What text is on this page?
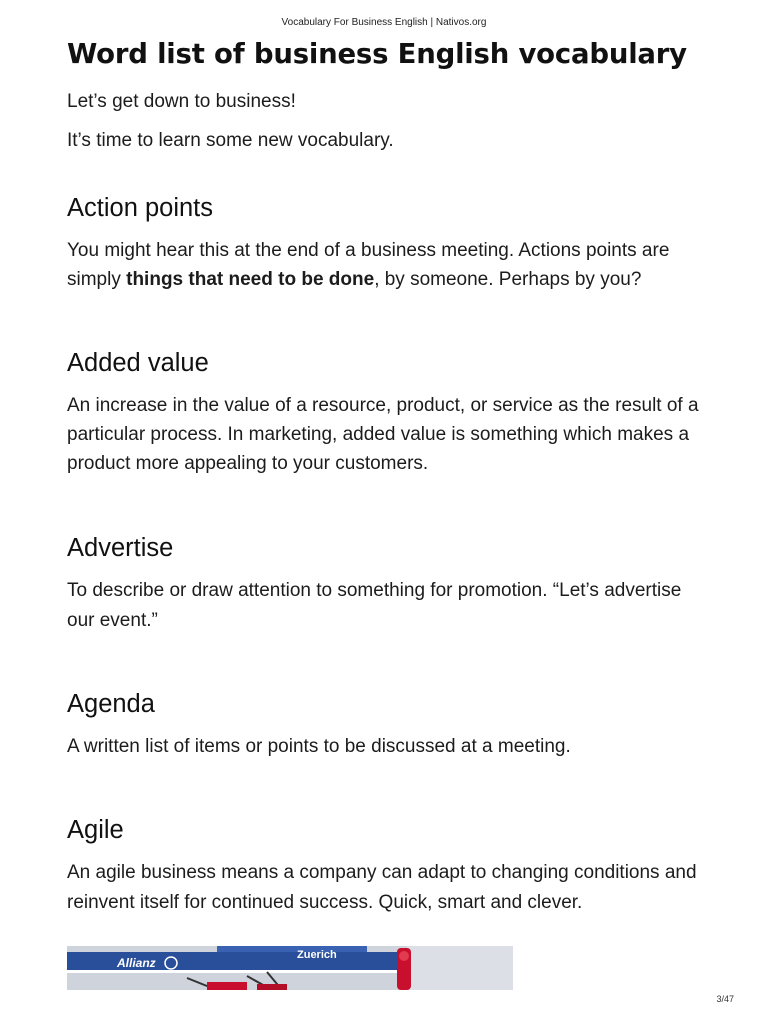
Vocabulary For Business English | Nativos.org
Word list of business English vocabulary

Let’s get down to business!

It’s time to learn some new vocabulary.

Action points

You might hear this at the end of a business meeting. Actions points are simply things that need to be done, by someone. Perhaps by you?

Added value

An increase in the value of a resource, product, or service as the result of a particular process. In marketing, added value is something which makes a product more appealing to your customers.

Advertise

To describe or draw attention to something for promotion. “Let’s advertise our event.”

Agenda

A written list of items or points to be discussed at a meeting.

Agile

An agile business means a company can adapt to changing conditions and reinvent itself for continued success. Quick, smart and clever.

Allianz
Zuerich
3/47
